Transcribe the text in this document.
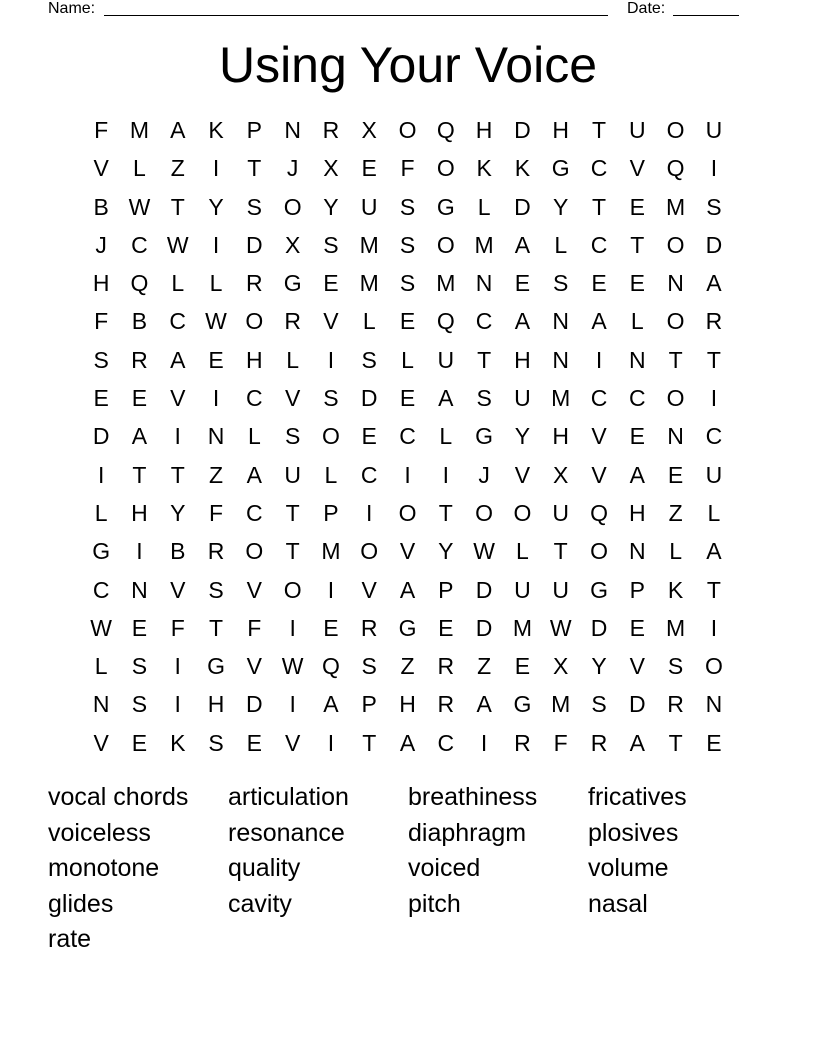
Name:	Date:
Using Your Voice
F M A K P N R X O Q H D H T U O U
V	L	Z	I	T	J	X E	F O K K G C V Q	I
B W T	Y S O Y U S G L	D Y	T	E M S
J	C W	I	D X S M S O M A	L	C T O D
H Q L	L	R G E M S M N E S E E N A
F	B C W O R V	L	E Q C A N A	L O R
S R A E H	L	I	S	L	U T H N	I	N T	T
E E V	I	C V S D E A S U M C C O	I
D A	I	N	L	S O E C	L G Y H V E N C
I	T	T	Z	A U	L	C	I	I	J	V X V A E U
L	H Y	F C T	P	I	O T O O U Q H Z	L
G	I	B R O T M O V Y W L	T O N	L	A
C N V S V O	I	V A P D U U G P K	T
W E	F	T	F	I	E R G E D M W D E M	I
L	S	I	G V W Q S	Z R Z	E X Y V S O
N S	I	H D	I	A P H R A G M S D R N
V E K S E V	I	T	A C	I	R F R A	T	E
vocal chords	articulation	breathiness	fricatives
voiceless	resonance	diaphragm	plosives
monotone	quality	voiced	volume
glides	cavity	pitch	nasal
rate
